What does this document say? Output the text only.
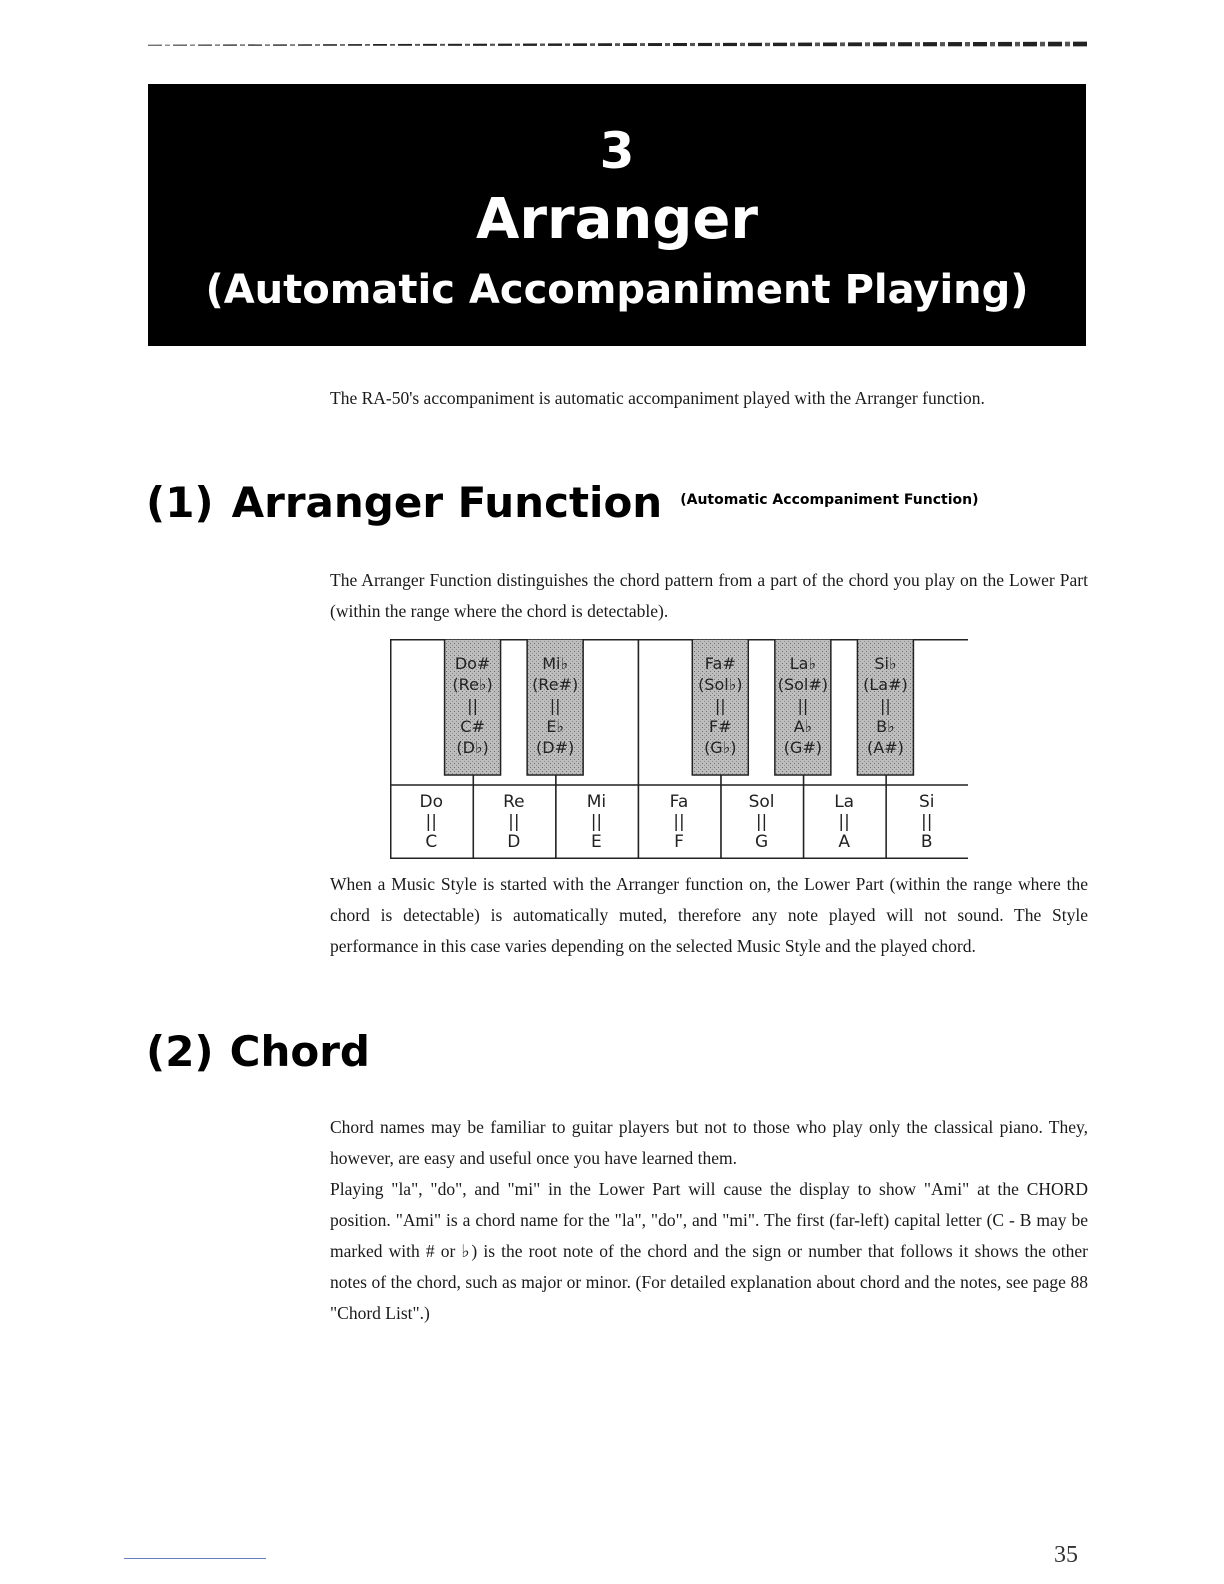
3
Arranger
(Automatic Accompaniment Playing)

The RA-50's accompaniment is automatic accompaniment played with the Arranger function.

(1) Arranger Function (Automatic Accompaniment Function)

The Arranger Function distinguishes the chord pattern from a part of the chord you play on the Lower Part (within the range where the chord is detectable).

Do
||
C
Re
||
D
Mi
||
E
Fa
||
F
Sol
||
G
La
||
A
Si
||
B
Do#
(Re♭)
||
C#
(D♭)
Mi♭
(Re#)
||
E♭
(D#)
Fa#
(Sol♭)
||
F#
(G♭)
La♭
(Sol#)
||
A♭
(G#)
Si♭
(La#)
||
B♭
(A#)

When a Music Style is started with the Arranger function on, the Lower Part (within the range where the chord is detectable) is automatically muted, therefore any note played will not sound. The Style performance in this case varies depending on the selected Music Style and the played chord.

(2) Chord

Chord names may be familiar to guitar players but not to those who play only the classical piano. They, however, are easy and useful once you have learned them.

Playing "la", "do", and "mi" in the Lower Part will cause the display to show "Ami" at the CHORD position. "Ami" is a chord name for the "la", "do", and "mi". The first (far-left) capital letter (C - B may be marked with # or ♭) is the root note of the chord and the sign or number that follows it shows the other notes of the chord, such as major or minor. (For detailed explanation about chord and the notes, see page 88 "Chord List".)

35
